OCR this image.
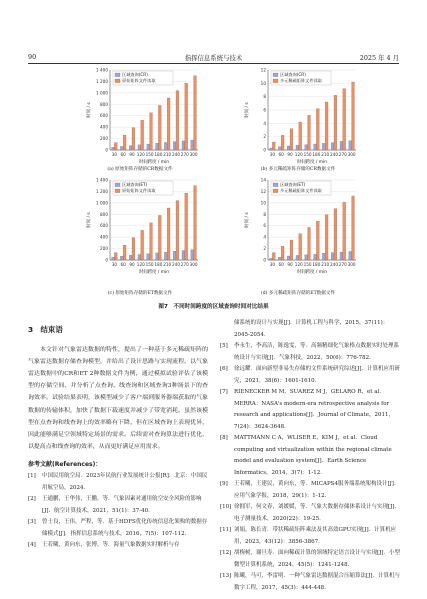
90	指挥信息系统与技术	2025 年 4 月
0
200
400
600
800
1 000
1 200
1 400
30 60 90 120 150 180 210 240 270 300
时间跨度 / min
时间 / s
区域查询(CR)
原始矩阵文件读取
0
2
4
6
8
10
12
30 60 90 120 150 180 210 240 270 300
时间跨度 / min
时间 / s
区域查询(CR)
多元稀疏矩阵文件读取
0
200
400
600
800
1 000
1 200
1 400
30 60 90 120 150 180 210 240 270 300
时间跨度 / min
时间 / s
区域查询(ET)
原始矩阵文件读取
0
2
4
6
8
10
12
14
30 60 90 120 150 180 210 240 270 300
时间跨度 / min
时间 / s
区域查询(ET)
多元稀疏矩阵文件读取
(a) 原始矩阵存储的CR数据文件	(b) 多元稀疏矩阵存储的CR数据文件
(c) 原始矩阵存储的ET数据文件	(d) 多元稀疏矩阵存储的ET数据文件
图7　不同时间跨度的区域查询时间对比结果
3　结束语

本文针对气象雷达数据的特性，提出了一种基于多元稀疏矩阵的气象雷达数据存储查询模型，并给出了设计思路与实现流程。以气象雷达数据中的CR和ET 2种数据文件为例，通过模拟试验评估了该模型的存储空间、并分析了点查询、线查询和区域查询3种场景下的查询效率。试验结果表明，该模型减少了客户端到服务器端获取的气象数据的传输体积，加快了数据下载速度并减少了带宽消耗。虽然该模型在点查询和线查询上的效率略有下降，但在区域查询上表现优异，因此能够满足空领域特定场景的需求。后续需对查询算法进行优化，以提高点和线查询的效率，从而更好满足应用需求。

参考文献(References)：
[1]	中国民用航空局．2023年民航行业发展统计公报[R]．北京：中国民用航空局，2024．
[2]	王通鹏，王华伟，王鹏，等．气象因素对通用航空安全风险的影响[J]．航空计算技术，2021，51(1)：37-40．
[3]	曾士良，王伟，严程，等．基于HDFS优化传统信息化架构的数据存储模式[J]．指挥信息系统与技术，2016，7(5)：107-112．
[4]	王若曦，黄向东，张博，等．海量气象数据实时解析与存
储系统的设计与实现[J]．计算机工程与科学，2015，37(11)：2045-2054．
[5]	李永生，李高洁，陈逸雯，等．高频精细化气象格点数据实时处理系统设计与实现[J]．气象科技，2022，50(6)：776-782．
[6]	徐远耀．面向新型非易失存储的文件系统研究综述[J]．计算机应用研究，2021，38(6)：1601-1610．
[7]	RIENECKER M M，SUAREZ M J，GELARO R，et al．MERRA：NASA's modern-era retrospective analysis for research and applications[J]．Journal of Climate，2011，7(24)：3624-3648．
[8]	MATTMANN C A，WLISER E，KIM J，et al．Cloud computing and virtualization within the regional climate model and evaluation system[J]．Earth Science Informatics，2014，3(7)：1-12．
[9]	王若曦，王建民，黄向东，等．MICAPS4服务端系统架构设计[J]．应用气象学报，2018，29(1)：1-12．
[10] 徐拥军，何文春，刘媛媛，等．气象大数据存储体系设计与实现[J]．电子测量技术，2020(22)：19-25．
[11] 刘娟，陈长青．带状稀疏矩阵乘法及其高效GPU实现[J]．计算机应用，2023，43(12)：3856-3867．
[12] 胡梅树，谢旦寿．面向稀疏计算的领域特定语言设计与实现[J]．小型微型计算机系统，2024，45(5)：1241-1248．
[13] 陈曦，马可，李雷明．一种气象雷达数据混合压缩算法[J]．计算机与数字工程，2017，45(3)：444-448．
